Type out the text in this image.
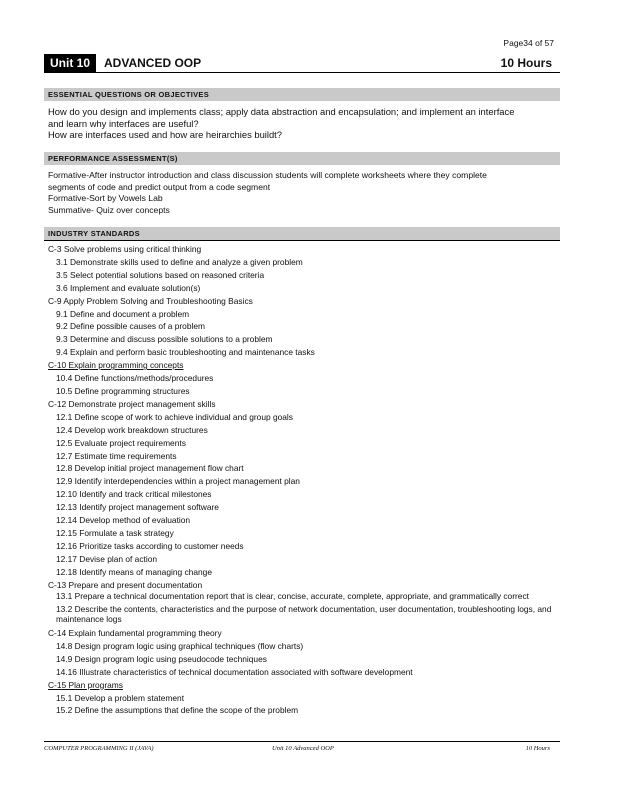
Page34 of 57
Unit 10	ADVANCED OOP	10 Hours
ESSENTIAL QUESTIONS OR OBJECTIVES
How do you design and implements class; apply data abstraction and encapsulation; and implement an interface
and learn why interfaces are useful?
How are interfaces used and how are heirarchies buildt?
PERFORMANCE ASSESSMENT(S)
Formative-After instructor introduction and class discussion students will complete worksheets where they complete
segments of code and predict output from a code segment
Formative-Sort by Vowels Lab
Summative- Quiz over concepts
INDUSTRY STANDARDS
C-3 Solve problems using critical thinking
3.1 Demonstrate skills used to define and analyze a given problem
3.5 Select potential solutions based on reasoned criteria
3.6 Implement and evaluate solution(s)
C-9 Apply Problem Solving and Troubleshooting Basics
9.1 Define and document a problem
9.2 Define possible causes of a problem
9.3 Determine and discuss possible solutions to a problem
9.4 Explain and perform basic troubleshooting and maintenance tasks
C-10 Explain programming concepts
10.4 Define functions/methods/procedures
10.5 Define programming structures
C-12 Demonstrate project management skills
12.1 Define scope of work to achieve individual and group goals
12.4 Develop work breakdown structures
12.5 Evaluate project requirements
12.7 Estimate time requirements
12.8 Develop initial project management flow chart
12.9 Identify interdependencies within a project management plan
12.10 Identify and track critical milestones
12.13 Identify project management software
12.14 Develop method of evaluation
12.15 Formulate a task strategy
12.16 Prioritize tasks according to customer needs
12.17 Devise plan of action
12.18 Identify means of managing change
C-13 Prepare and present documentation
13.1 Prepare a technical documentation report that is clear, concise, accurate, complete, appropriate, and grammatically correct
13.2 Describe the contents, characteristics and the purpose of network documentation, user documentation, troubleshooting logs, and maintenance logs
C-14 Explain fundamental programming theory
14.8 Design program logic using graphical techniques (flow charts)
14.9 Design program logic using pseudocode techniques
14.16 Illustrate characteristics of technical documentation associated with software development
C-15 Plan programs
15.1 Develop a problem statement
15.2 Define the assumptions that define the scope of the problem
COMPUTER PROGRAMMING II (JAVA)	Unit 10 Advanced OOP	10 Hours
